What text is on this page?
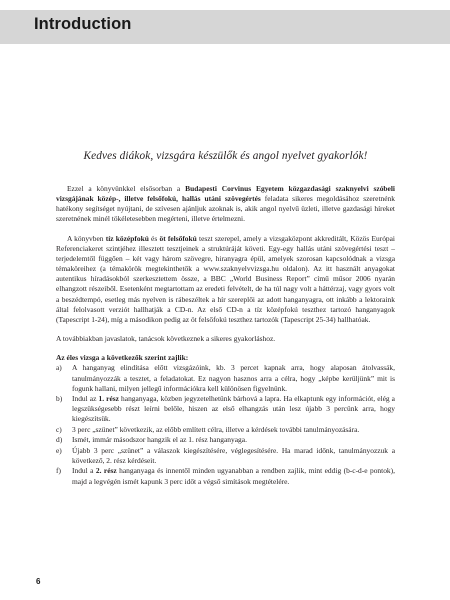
Introduction

Kedves diákok, vizsgára készülők és angol nyelvet gyakorlók!

Ezzel a könyvünkkel elsősorban a Budapesti Corvinus Egyetem közgazdasági szaknyelvi szóbeli vizsgájának közép-, illetve felsőfokú, hallás utáni szövegértés feladata sikeres megoldásához szeretnénk hatékony segítséget nyújtani, de szívesen ajánljuk azoknak is, akik angol nyelvű üzleti, illetve gazdasági híreket szeretnének minél tökéletesebben megérteni, illetve értelmezni.

A könyvben tíz középfokú és öt felsőfokú teszt szerepel, amely a vizsgaközpont akkreditált, Közös Európai Referenciakeret szintjéhez illesztett tesztjeinek a struktúráját követi. Egy-egy hallás utáni szövegértési teszt – terjedelemtől függően – két vagy három szövegre, hiranyagra épül, amelyek szorosan kapcsolódnak a vizsga témaköreihez (a témakörök megtekinthetők a www.szaknyelvvizsga.hu oldalon). Az itt használt anyagokat autentikus híradásokból szerkesztettem össze, a BBC „World Business Report” című műsor 2006 nyarán elhangzott részeiből. Esetenként megtartottam az eredeti felvételt, de ha túl nagy volt a háttérzaj, vagy gyors volt a beszédtempó, esetleg más nyelven is rábeszéltek a hír szereplői az adott hanganyagra, ott inkább a lektoraink által felolvasott verziót hallhatják a CD-n. Az első CD-n a tíz középfokú teszthez tartozó hanganyagok (Tapescript 1-24), míg a másodikon pedig az öt felsőfokú teszthez tartozók (Tapescript 25-34) hallhatóak.

A továbbiakban javaslatok, tanácsok következnek a sikeres gyakorláshoz.

Az éles vizsga a következők szerint zajlik:

a)	A hanganyag elindítása előtt vizsgázóink, kb. 3 percet kapnak arra, hogy alaposan átolvassák, tanulmányozzák a tesztet, a feladatokat. Ez nagyon hasznos arra a célra, hogy „képbe kerüljünk” mit is fogunk hallani, milyen jellegű információkra kell különösen figyelnünk.
b)	Indul az 1. rész hanganyaga, közben jegyzetelhetünk bárhová a lapra. Ha elkaptunk egy információt, elég a legszükségesebb részt leírni belőle, hiszen az első elhangzás után lesz újabb 3 percünk arra, hogy kiegészítsük.
c)	3 perc „szünet” következik, az előbb említett célra, illetve a kérdések további tanulmányozására.
d)	Ismét, immár másodszor hangzik el az 1. rész hanganyaga.
e)	Újabb 3 perc „szünet” a válaszok kiegészítésére, véglegesítésére. Ha marad időnk, tanulmányozzuk a következő, 2. rész kérdéseit.
f)	Indul a 2. rész hanganyaga és innentől minden ugyanabban a rendben zajlik, mint eddig (b-c-d-e pontok), majd a legvégén ismét kapunk 3 perc időt a végső simítások megtételére.
6
